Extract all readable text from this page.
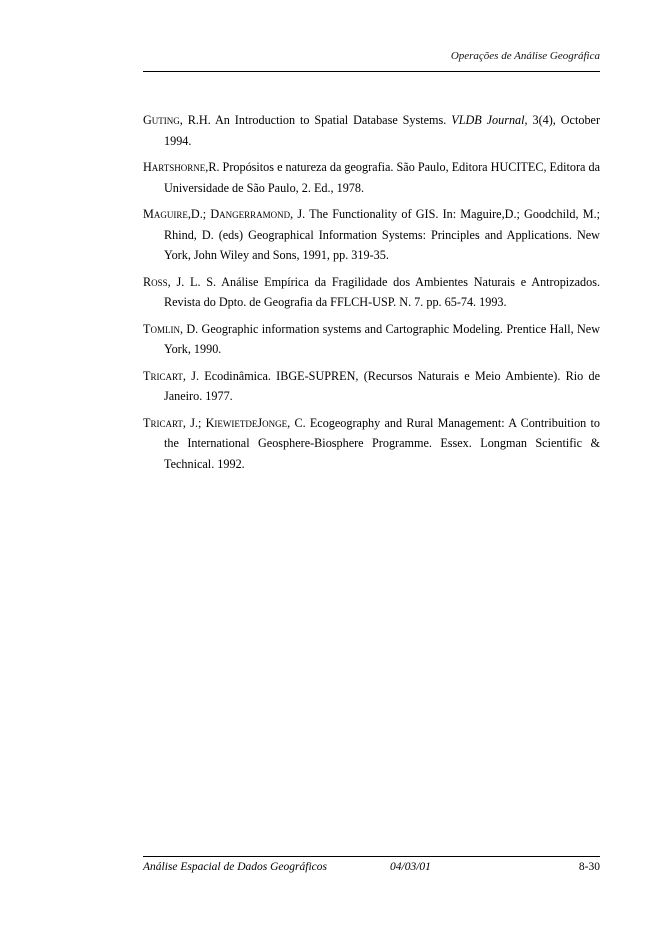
Operações de Análise Geográfica

Guting, R.H. An Introduction to Spatial Database Systems. VLDB Journal, 3(4), October 1994.

Hartshorne,R. Propósitos e natureza da geografia. São Paulo, Editora HUCITEC, Editora da Universidade de São Paulo, 2. Ed., 1978.

Maguire,D.; Dangerramond, J. The Functionality of GIS. In: Maguire,D.; Goodchild, M.; Rhind, D. (eds) Geographical Information Systems: Principles and Applications. New York, John Wiley and Sons, 1991, pp. 319-35.

Ross, J. L. S. Análise Empírica da Fragilidade dos Ambientes Naturais e Antropizados. Revista do Dpto. de Geografia da FFLCH-USP. N. 7. pp. 65-74. 1993.

Tomlin, D. Geographic information systems and Cartographic Modeling. Prentice Hall, New York, 1990.

Tricart, J. Ecodinâmica. IBGE-SUPREN, (Recursos Naturais e Meio Ambiente). Rio de Janeiro. 1977.

Tricart, J.; KiewietdeJonge, C. Ecogeography and Rural Management: A Contribuition to the International Geosphere-Biosphere Programme. Essex. Longman Scientific & Technical. 1992.

Análise Espacial de Dados Geográficos	04/03/01	8-30
